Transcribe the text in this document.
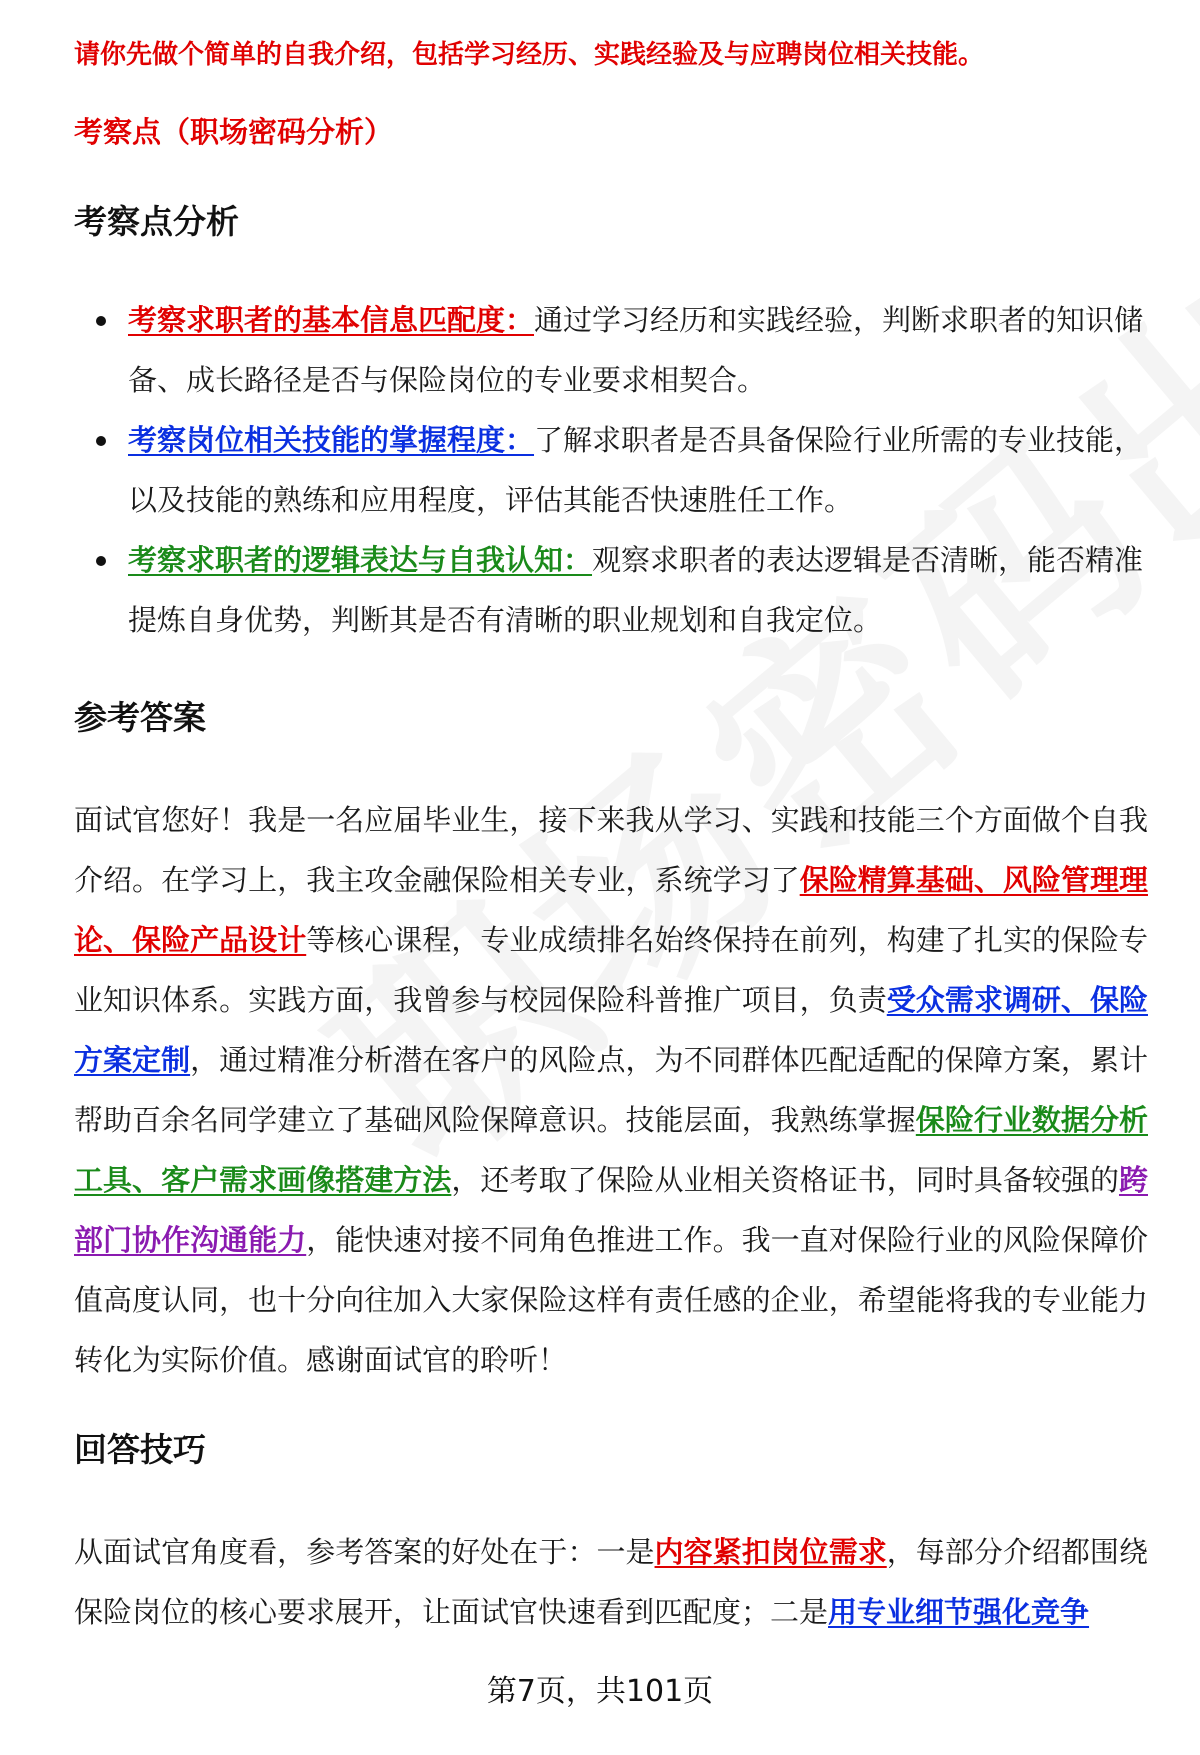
请你先做个简单的自我介绍，包括学习经历、实践经验及与应聘岗位相关技能。
考察点（职场密码分析）
考察点分析
考察求职者的基本信息匹配度：通过学习经历和实践经验，判断求职者的知识储备、成长路径是否与保险岗位的专业要求相契合。
考察岗位相关技能的掌握程度：了解求职者是否具备保险行业所需的专业技能，以及技能的熟练和应用程度，评估其能否快速胜任工作。
考察求职者的逻辑表达与自我认知：观察求职者的表达逻辑是否清晰，能否精准提炼自身优势，判断其是否有清晰的职业规划和自我定位。
参考答案

面试官您好！我是一名应届毕业生，接下来我从学习、实践和技能三个方面做个自我介绍。在学习上，我主攻金融保险相关专业，系统学习了保险精算基础、风险管理理论、保险产品设计等核心课程，专业成绩排名始终保持在前列，构建了扎实的保险专业知识体系。实践方面，我曾参与校园保险科普推广项目，负责受众需求调研、保险方案定制，通过精准分析潜在客户的风险点，为不同群体匹配适配的保障方案，累计帮助百余名同学建立了基础风险保障意识。技能层面，我熟练掌握保险行业数据分析工具、客户需求画像搭建方法，还考取了保险从业相关资格证书，同时具备较强的跨部门协作沟通能力，能快速对接不同角色推进工作。我一直对保险行业的风险保障价值高度认同，也十分向往加入大家保险这样有责任感的企业，希望能将我的专业能力转化为实际价值。感谢面试官的聆听！

回答技巧

从面试官角度看，参考答案的好处在于：一是内容紧扣岗位需求，每部分介绍都围绕保险岗位的核心要求展开，让面试官快速看到匹配度；二是用专业细节强化竞争

第7页，共101页
